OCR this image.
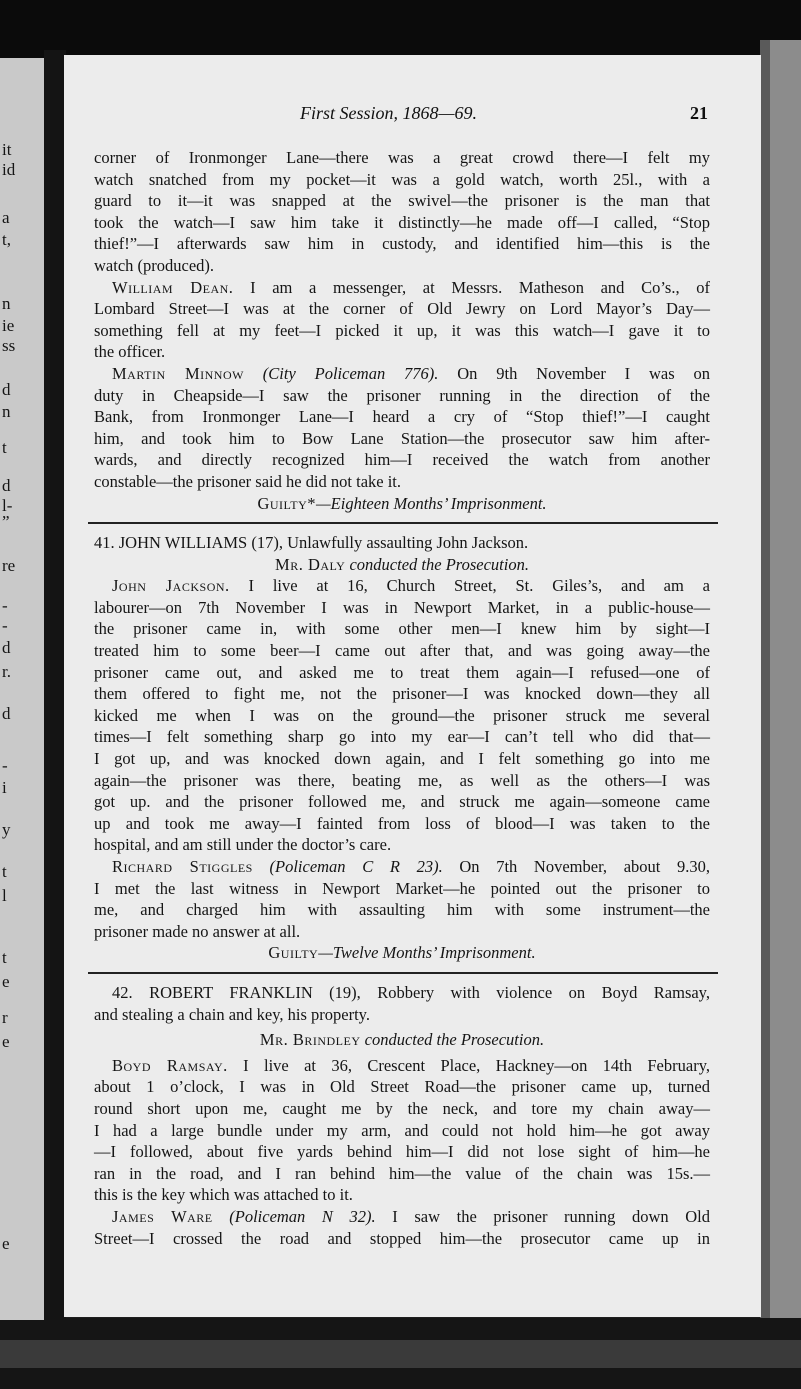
it
id
a
t,
n
ie
ss
d
n
t
d
l-
”
re
-
-
d
r.
d
-
i
y
t
l
t
e
r
e
e
First Session, 1868—69.	21
corner of Ironmonger Lane—there was a great crowd there—I felt my
watch snatched from my pocket—it was a gold watch, worth 25l., with a
guard to it—it was snapped at the swivel—the prisoner is the man that
took the watch—I saw him take it distinctly—he made off—I called, “Stop
thief!”—I afterwards saw him in custody, and identified him—this is the
watch (produced).
William Dean. I am a messenger, at Messrs. Matheson and Co’s., of
Lombard Street—I was at the corner of Old Jewry on Lord Mayor’s Day—
something fell at my feet—I picked it up, it was this watch—I gave it to
the officer.
Martin Minnow (City Policeman 776). On 9th November I was on
duty in Cheapside—I saw the prisoner running in the direction of the
Bank, from Ironmonger Lane—I heard a cry of “Stop thief!”—I caught
him, and took him to Bow Lane Station—the prosecutor saw him after-
wards, and directly recognized him—I received the watch from another
constable—the prisoner said he did not take it.
Guilty*—Eighteen Months’ Imprisonment.
41. JOHN WILLIAMS (17), Unlawfully assaulting John Jackson.
Mr. Daly conducted the Prosecution.
John Jackson. I live at 16, Church Street, St. Giles’s, and am a
labourer—on 7th November I was in Newport Market, in a public-house—
the prisoner came in, with some other men—I knew him by sight—I
treated him to some beer—I came out after that, and was going away—the
prisoner came out, and asked me to treat them again—I refused—one of
them offered to fight me, not the prisoner—I was knocked down—they all
kicked me when I was on the ground—the prisoner struck me several
times—I felt something sharp go into my ear—I can’t tell who did that—
I got up, and was knocked down again, and I felt something go into me
again—the prisoner was there, beating me, as well as the others—I was
got up. and the prisoner followed me, and struck me again—someone came
up and took me away—I fainted from loss of blood—I was taken to the
hospital, and am still under the doctor’s care.
Richard Stiggles (Policeman C R 23). On 7th November, about 9.30,
I met the last witness in Newport Market—he pointed out the prisoner to
me, and charged him with assaulting him with some instrument—the
prisoner made no answer at all.
Guilty—Twelve Months’ Imprisonment.
42. ROBERT FRANKLIN (19), Robbery with violence on Boyd Ramsay,
and stealing a chain and key, his property.
Mr. Brindley conducted the Prosecution.
Boyd Ramsay. I live at 36, Crescent Place, Hackney—on 14th February,
about 1 o’clock, I was in Old Street Road—the prisoner came up, turned
round short upon me, caught me by the neck, and tore my chain away—
I had a large bundle under my arm, and could not hold him—he got away
—I followed, about five yards behind him—I did not lose sight of him—he
ran in the road, and I ran behind him—the value of the chain was 15s.—
this is the key which was attached to it.
James Ware (Policeman N 32). I saw the prisoner running down Old
Street—I crossed the road and stopped him—the prosecutor came up in
